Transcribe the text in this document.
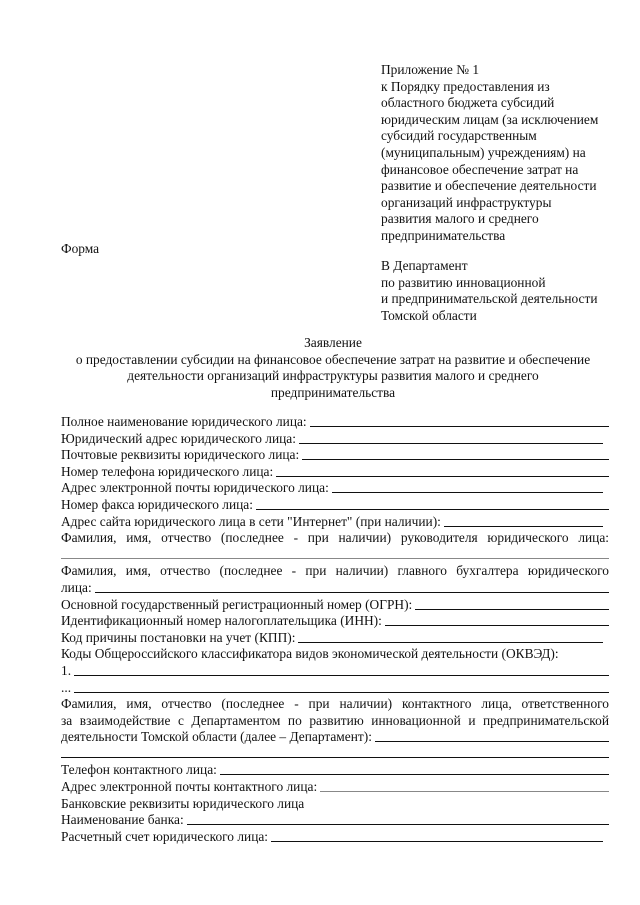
Приложение № 1
к Порядку предоставления из
областного бюджета субсидий
юридическим лицам (за исключением
субсидий государственным
(муниципальным) учреждениям) на
финансовое обеспечение затрат на
развитие и обеспечение деятельности
организаций инфраструктуры
развития малого и среднего
предпринимательства
Форма
В Департамент
по развитию инновационной
и предпринимательской деятельности
Томской области
Заявление
о предоставлении субсидии на финансовое обеспечение затрат на развитие и обеспечение
деятельности организаций инфраструктуры развития малого и среднего
предпринимательства
Полное наименование юридического лица:
Юридический адрес юридического лица:
Почтовые реквизиты юридического лица:
Номер телефона юридического лица:
Адрес электронной почты юридического лица:
Номер факса юридического лица:
Адрес сайта юридического лица в сети "Интернет" (при наличии):
Фамилия, имя, отчество (последнее - при наличии) руководителя юридического лица:
Фамилия, имя, отчество (последнее - при наличии) главного бухгалтера юридического
лица:
Основной государственный регистрационный номер (ОГРН):
Идентификационный номер налогоплательщика (ИНН):
Код причины постановки на учет (КПП):
Коды Общероссийского классификатора видов экономической деятельности (ОКВЭД):
1.
...
Фамилия, имя, отчество (последнее - при наличии) контактного лица, ответственного
за взаимодействие с Департаментом по развитию инновационной и предпринимательской
деятельности Томской области (далее – Департамент):
Телефон контактного лица:
Адрес электронной почты контактного лица:
Банковские реквизиты юридического лица
Наименование банка:
Расчетный счет юридического лица:
